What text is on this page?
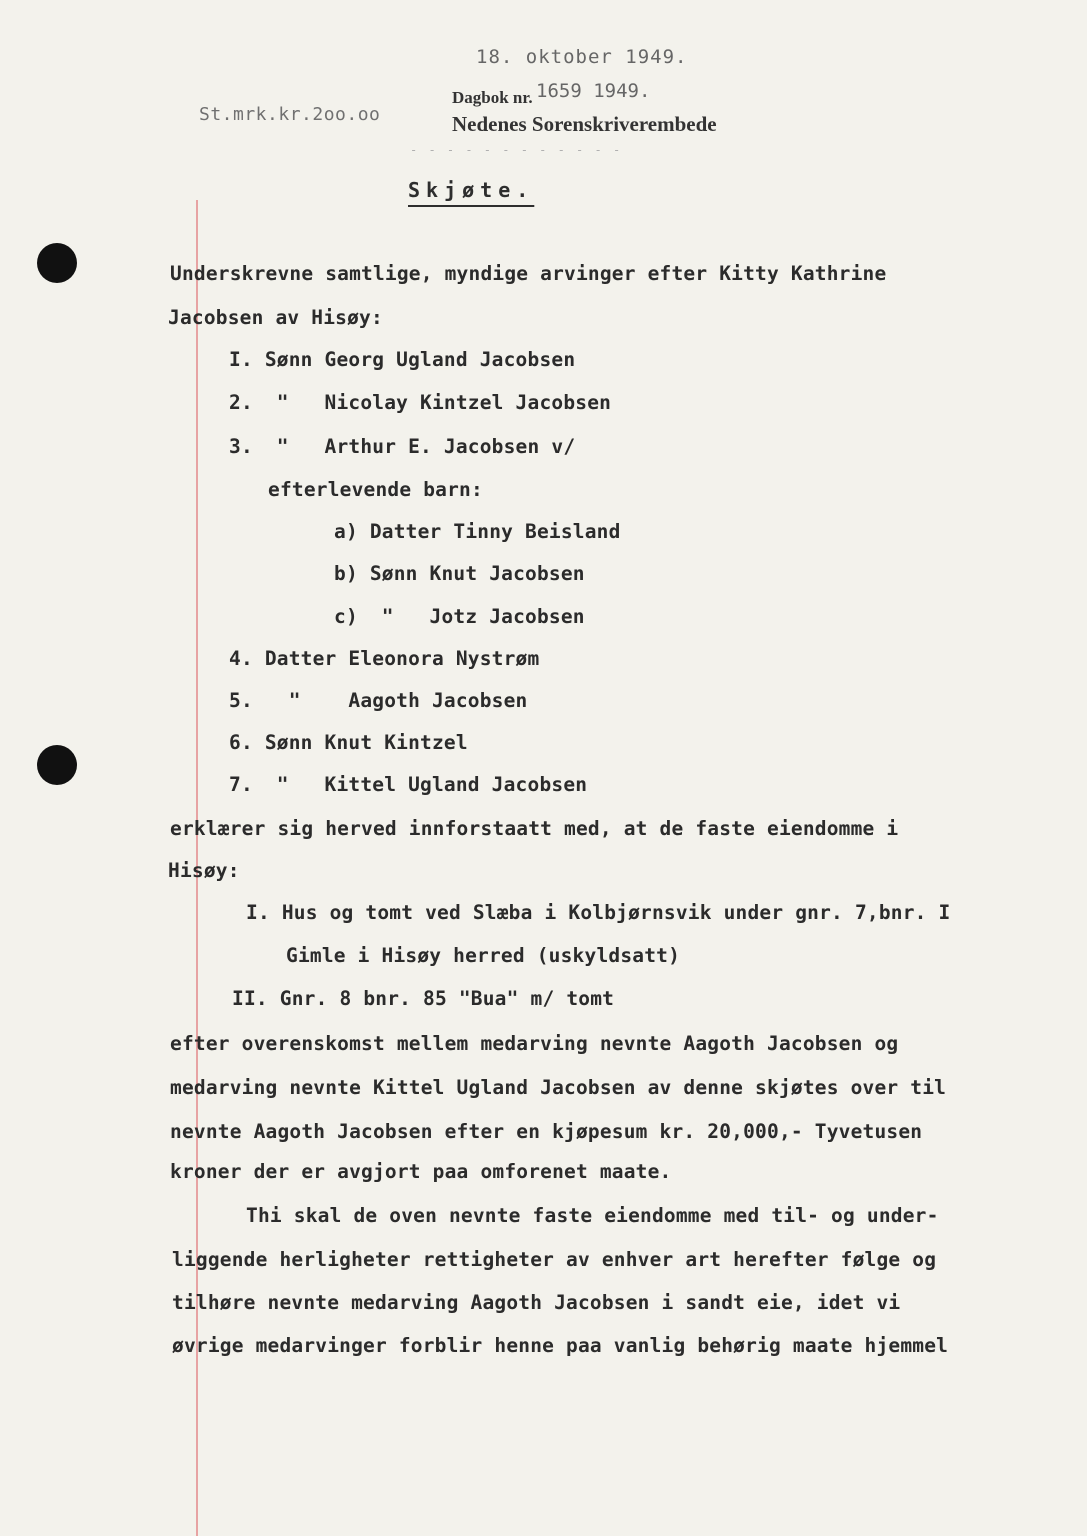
18. oktober 1949.
St.mrk.kr.2oo.oo
Dagbok nr. 1659 1949.
Nedenes Sorenskriverembede
- - - - - - - - - - - -
Skjøte.
Underskrevne samtlige, myndige arvinger efter Kitty Kathrine
Jacobsen av Hisøy:
I. Sønn Georg Ugland Jacobsen
2.  "   Nicolay Kintzel Jacobsen
3.  "   Arthur E. Jacobsen v/
efterlevende barn:
a) Datter Tinny Beisland
b) Sønn Knut Jacobsen
c)  "   Jotz Jacobsen
4. Datter Eleonora Nystrøm
5.   "    Aagoth Jacobsen
6. Sønn Knut Kintzel
7.  "   Kittel Ugland Jacobsen
erklærer sig herved innforstaatt med, at de faste eiendomme i
Hisøy:
I. Hus og tomt ved Slæba i Kolbjørnsvik under gnr. 7,bnr. I
Gimle i Hisøy herred (uskyldsatt)
II. Gnr. 8 bnr. 85 "Bua" m/ tomt
efter overenskomst mellem medarving nevnte Aagoth Jacobsen og
medarving nevnte Kittel Ugland Jacobsen av denne skjøtes over til
nevnte Aagoth Jacobsen efter en kjøpesum kr. 20,000,- Tyvetusen
kroner der er avgjort paa omforenet maate.
Thi skal de oven nevnte faste eiendomme med til- og under-
liggende herligheter rettigheter av enhver art herefter følge og
tilhøre nevnte medarving Aagoth Jacobsen i sandt eie, idet vi
øvrige medarvinger forblir henne paa vanlig behørig maate hjemmel
